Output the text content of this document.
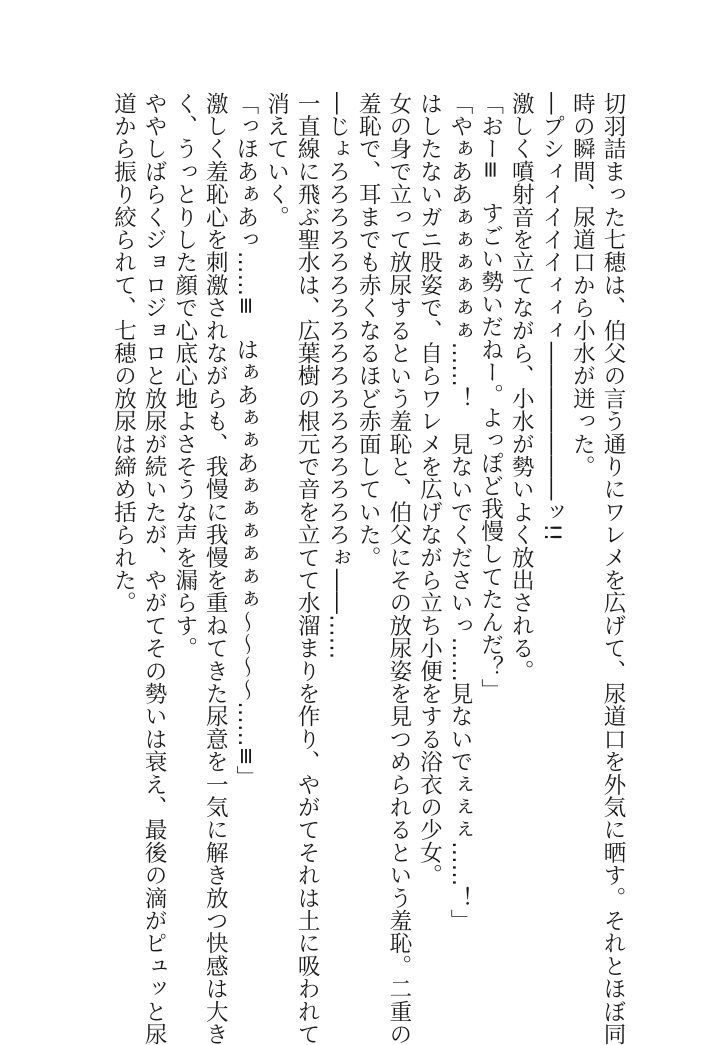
切羽詰まった七穂は、伯父の言う通りにワレメを広げて、尿道口を外気に晒す。それとほぼ同
時の瞬間、尿道口から小水が迸った。
―プシィイイイイィィィ―――――――ッ!!
激しく噴射音を立てながら、小水が勢いよく放出される。
「おー≡　すごい勢いだねー。よっぽど我慢してたんだ？」
「やぁああぁぁぁぁぁぁ……！　見ないでくださいっ……見ないでぇぇぇ……！」
はしたないガニ股姿で、自らワレメを広げながら立ち小便をする浴衣の少女。
女の身で立って放尿するという羞恥と、伯父にその放尿姿を見つめられるという羞恥。二重の
羞恥で、耳までも赤くなるほど赤面していた。
―じょろろろろろろろろろろろろろろろろろぉ――……
一直線に飛ぶ聖水は、広葉樹の根元で音を立てて水溜まりを作り、やがてそれは土に吸われて
消えていく。
「っほあぁあっ……≡　はぁあぁぁあぁぁぁぁぁぁ～～～～……≡」
激しく羞恥心を刺激されながらも、我慢に我慢を重ねてきた尿意を一気に解き放つ快感は大き
く、うっとりした顔で心底心地よさそうな声を漏らす。
ややしばらくジョロジョロと放尿が続いたが、やがてその勢いは衰え、最後の滴がピュッと尿
道から振り絞られて、七穂の放尿は締め括られた。
